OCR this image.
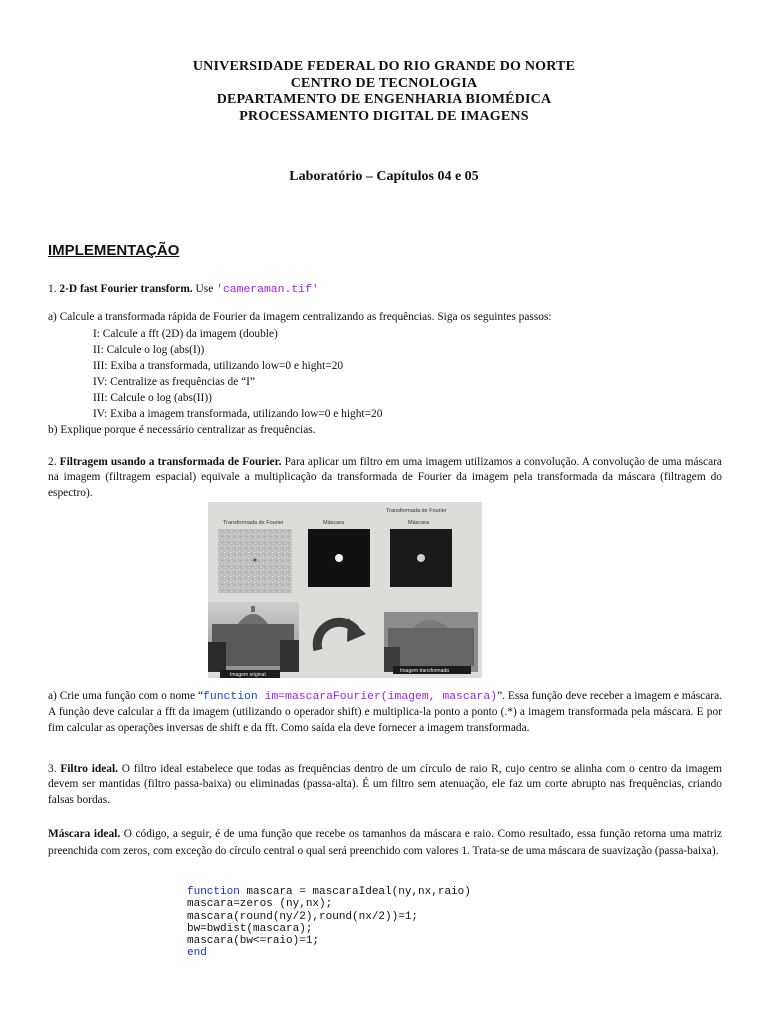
UNIVERSIDADE FEDERAL DO RIO GRANDE DO NORTE
CENTRO DE TECNOLOGIA
DEPARTAMENTO DE ENGENHARIA BIOMÉDICA
PROCESSAMENTO DIGITAL DE IMAGENS
Laboratório – Capítulos 04 e 05
IMPLEMENTAÇÃO
1. 2-D fast Fourier transform. Use 'cameraman.tif'
a) Calcule a transformada rápida de Fourier da imagem centralizando as frequências. Siga os seguintes passos:
I: Calcule a fft (2D) da imagem (double)
II: Calcule o log (abs(I))
III: Exiba a transformada, utilizando low=0 e hight=20
IV: Centralize as frequências de “I”
III: Calcule o log (abs(II))
IV: Exiba a imagem transformada, utilizando low=0 e hight=20
b) Explique porque é necessário centralizar as frequências.
2. Filtragem usando a transformada de Fourier. Para aplicar um filtro em uma imagem utilizamos a convolução. A convolução de uma máscara na imagem (filtragem espacial) equivale a multiplicação da transformada de Fourier da imagem pela transformada da máscara (filtragem do espectro).
Transformada de Fourier	Máscara
Transformada de Fourier
Máscara
Imagem original
Imagem transformada
a) Crie uma função com o nome “function im=mascaraFourier(imagem, mascara)”. Essa função deve receber a imagem e máscara. A função deve calcular a fft da imagem (utilizando o operador shift) e multiplica-la ponto a ponto (.*) a imagem transformada pela máscara. E por fim calcular as operações inversas de shift e da fft. Como saída ela deve fornecer a imagem transformada.
3. Filtro ideal. O filtro ideal estabelece que todas as frequências dentro de um círculo de raio R, cujo centro se alinha com o centro da imagem devem ser mantidas (filtro passa-baixa) ou eliminadas (passa-alta). É um filtro sem atenuação, ele faz um corte abrupto nas frequências, criando falsas bordas.
Máscara ideal. O código, a seguir, é de uma função que recebe os tamanhos da máscara e raio. Como resultado, essa função retorna uma matriz preenchida com zeros, com exceção do círculo central o qual será preenchido com valores 1. Trata-se de uma máscara de suavização (passa-baixa).
function mascara = mascaraIdeal(ny,nx,raio)
mascara=zeros (ny,nx);
mascara(round(ny/2),round(nx/2))=1;
bw=bwdist(mascara);
mascara(bw<=raio)=1;
end
